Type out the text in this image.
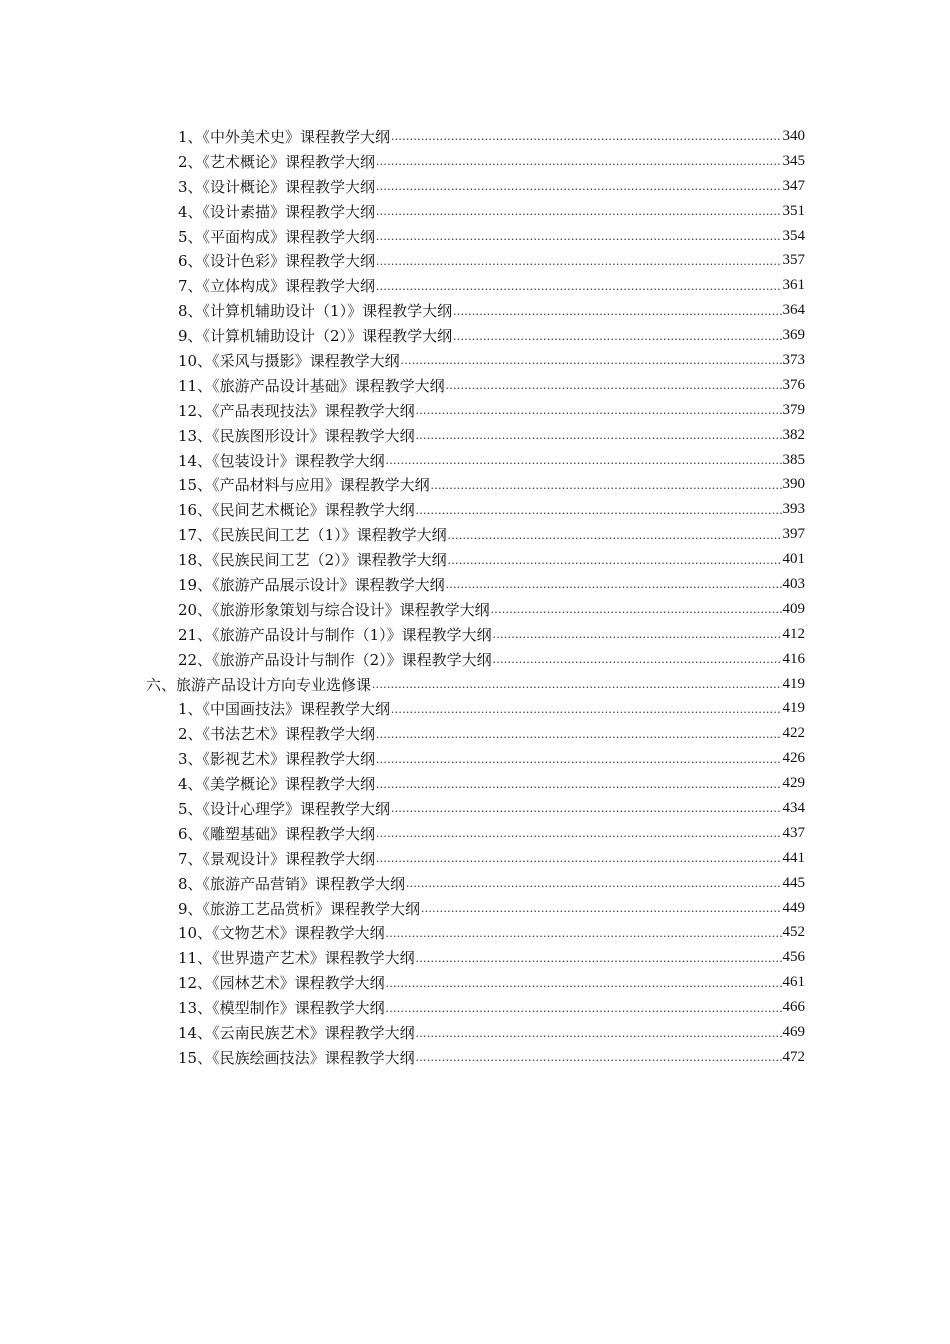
1、《中外美术史》课程教学大纲 .....	340
2、《艺术概论》课程教学大纲 .....	345
3、《设计概论》课程教学大纲 .....	347
4、《设计素描》课程教学大纲 .....	351
5、《平面构成》课程教学大纲 .....	354
6、《设计色彩》课程教学大纲 .....	357
7、《立体构成》课程教学大纲 .....	361
8、《计算机辅助设计（1）》课程教学大纲 .....	364
9、《计算机辅助设计（2）》课程教学大纲 .....	369
10、《采风与摄影》课程教学大纲 .....	373
11、《旅游产品设计基础》课程教学大纲 .....	376
12、《产品表现技法》课程教学大纲 .....	379
13、《民族图形设计》课程教学大纲 .....	382
14、《包装设计》课程教学大纲 .....	385
15、《产品材料与应用》课程教学大纲 .....	390
16、《民间艺术概论》课程教学大纲 .....	393
17、《民族民间工艺（1）》课程教学大纲 .....	397
18、《民族民间工艺（2）》课程教学大纲 .....	401
19、《旅游产品展示设计》课程教学大纲 .....	403
20、《旅游形象策划与综合设计》课程教学大纲 .....	409
21、《旅游产品设计与制作（1）》课程教学大纲 .....	412
22、《旅游产品设计与制作（2）》课程教学大纲 .....	416
六、旅游产品设计方向专业选修课 .....	419
1、《中国画技法》课程教学大纲 .....	419
2、《书法艺术》课程教学大纲 .....	422
3、《影视艺术》课程教学大纲 .....	426
4、《美学概论》课程教学大纲 .....	429
5、《设计心理学》课程教学大纲 .....	434
6、《雕塑基础》课程教学大纲 .....	437
7、《景观设计》课程教学大纲 .....	441
8、《旅游产品营销》课程教学大纲 .....	445
9、《旅游工艺品赏析》课程教学大纲 .....	449
10、《文物艺术》课程教学大纲 .....	452
11、《世界遗产艺术》课程教学大纲 .....	456
12、《园林艺术》课程教学大纲 .....	461
13、《模型制作》课程教学大纲 .....	466
14、《云南民族艺术》课程教学大纲 .....	469
15、《民族绘画技法》课程教学大纲 .....	472
